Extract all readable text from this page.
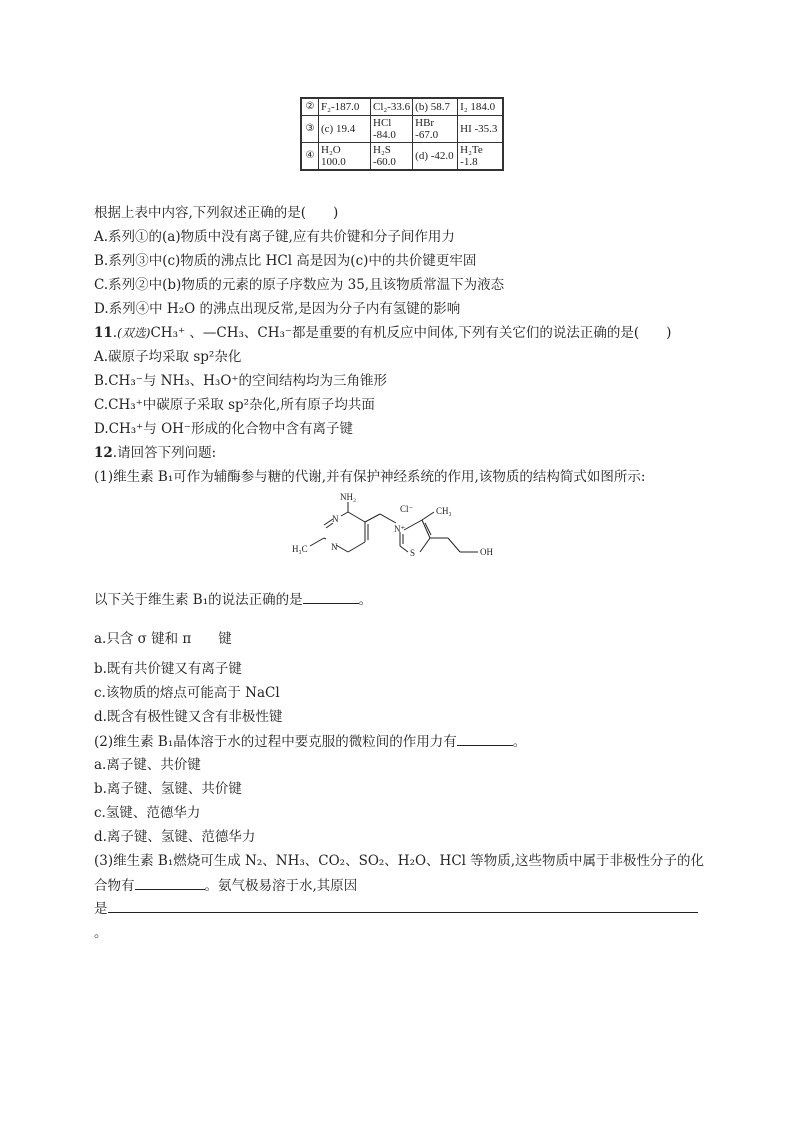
②	F₂-187.0	Cl₂-33.6	(b) 58.7	I₂ 184.0
③	(c) 19.4	HCl -84.0	HBr -67.0	HI -35.3
④	H₂O 100.0	H₂S -60.0	(d) -42.0	H₂Te -1.8
根据上表中内容,下列叙述正确的是(　　)
A.系列①的(a)物质中没有离子键,应有共价键和分子间作用力
B.系列③中(c)物质的沸点比 HCl 高是因为(c)中的共价键更牢固
C.系列②中(b)物质的元素的原子序数应为 35,且该物质常温下为液态
D.系列④中 H₂O 的沸点出现反常,是因为分子内有氢键的影响
11.(双选)CH₃⁺ 、—CH₃、CH₃⁻都是重要的有机反应中间体,下列有关它们的说法正确的是(　　)
A.碳原子均采取 sp²杂化
B.CH₃⁻与 NH₃、H₃O⁺的空间结构均为三角锥形
C.CH₃⁺中碳原子采取 sp²杂化,所有原子均共面
D.CH₃⁺与 OH⁻形成的化合物中含有离子键
12.请回答下列问题:
(1)维生素 B₁可作为辅酶参与糖的代谢,并有保护神经系统的作用,该物质的结构简式如图所示:
NH₂
N
N
H₃C
Cl⁻	CH₃
N⁺
S	OH
以下关于维生素 B₁的说法正确的是	。
a.只含 σ 键和 π　　键
b.既有共价键又有离子键
c.该物质的熔点可能高于 NaCl
d.既含有极性键又含有非极性键
(2)维生素 B₁晶体溶于水的过程中要克服的微粒间的作用力有	。
a.离子键、共价键
b.离子键、氢键、共价键
c.氢键、范德华力
d.离子键、氢键、范德华力
(3)维生素 B₁燃烧可生成 N₂、NH₃、CO₂、SO₂、H₂O、HCl 等物质,这些物质中属于非极性分子的化
合物有	。氨气极易溶于水,其原因
是
。
